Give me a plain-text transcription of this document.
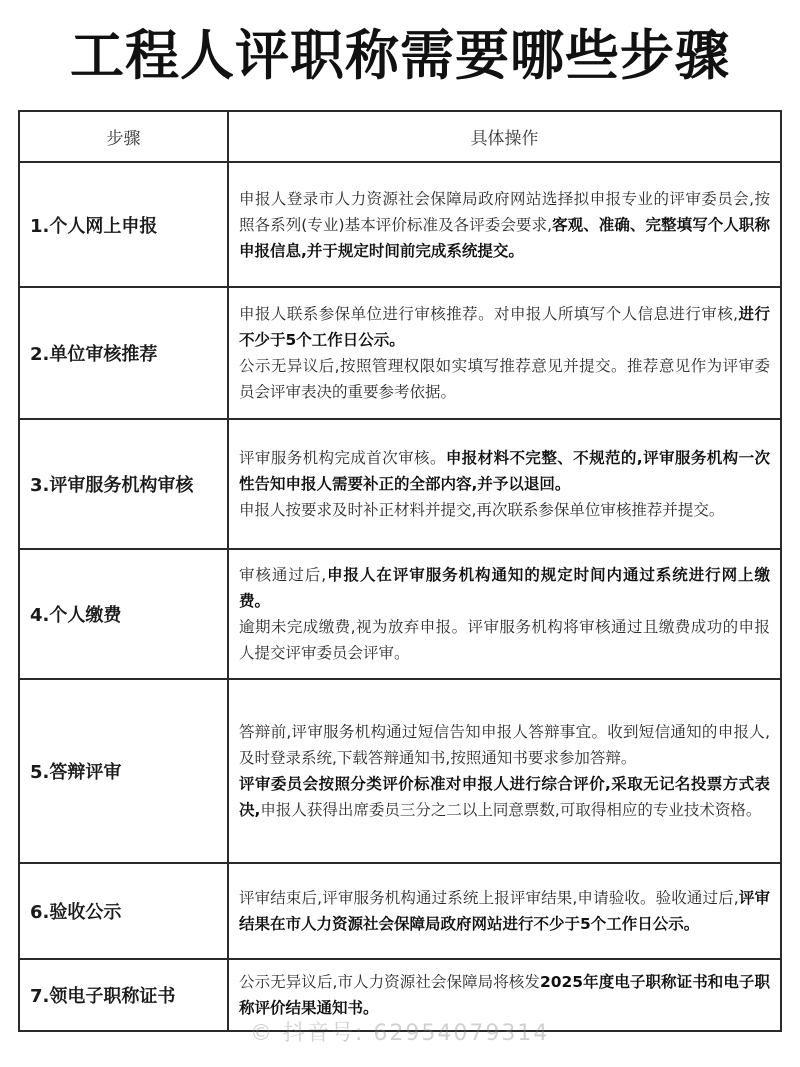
工程人评职称需要哪些步骤
步骤	具体操作
1.个人网上申报	申报人登录市人力资源社会保障局政府网站选择拟申报专业的评审委员会,按照各系列(专业)基本评价标准及各评委会要求,客观、准确、完整填写个人职称申报信息,并于规定时间前完成系统提交。

2.单位审核推荐	申报人联系参保单位进行审核推荐。对申报人所填写个人信息进行审核,进行不少于5个工作日公示。

公示无异议后,按照管理权限如实填写推荐意见并提交。推荐意见作为评审委员会评审表决的重要参考依据。

3.评审服务机构审核	评审服务机构完成首次审核。申报材料不完整、不规范的,评审服务机构一次性告知申报人需要补正的全部内容,并予以退回。

申报人按要求及时补正材料并提交,再次联系参保单位审核推荐并提交。

4.个人缴费	审核通过后,申报人在评审服务机构通知的规定时间内通过系统进行网上缴费。

逾期未完成缴费,视为放弃申报。评审服务机构将审核通过且缴费成功的申报人提交评审委员会评审。

5.答辩评审	答辩前,评审服务机构通过短信告知申报人答辩事宜。收到短信通知的申报人,及时登录系统,下载答辩通知书,按照通知书要求参加答辩。

评审委员会按照分类评价标准对申报人进行综合评价,采取无记名投票方式表决,申报人获得出席委员三分之二以上同意票数,可取得相应的专业技术资格。

6.验收公示	评审结束后,评审服务机构通过系统上报评审结果,申请验收。验收通过后,评审结果在市人力资源社会保障局政府网站进行不少于5个工作日公示。

7.领电子职称证书	公示无异议后,市人力资源社会保障局将核发2025年度电子职称证书和电子职称评价结果通知书。

© 抖音号: 62954079314
